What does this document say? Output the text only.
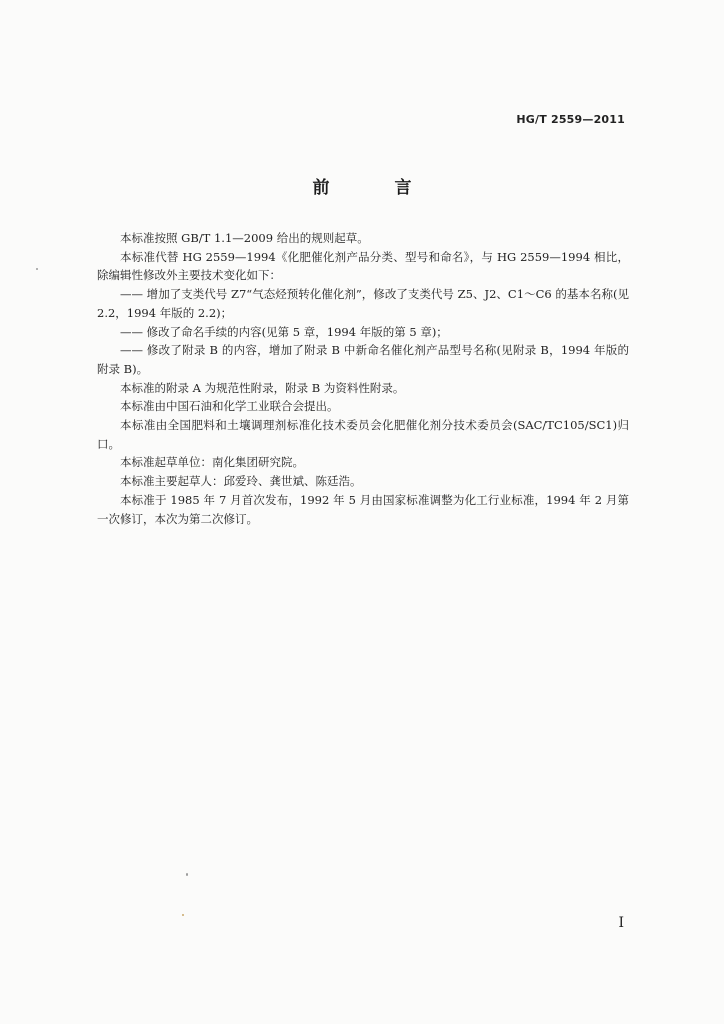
HG/T 2559—2011
前　言

本标准按照 GB/T 1.1—2009 给出的规则起草。

本标准代替 HG 2559—1994《化肥催化剂产品分类、型号和命名》，与 HG 2559—1994 相比，除编辑性修改外主要技术变化如下：

—— 增加了支类代号 Z7“气态烃预转化催化剂”，修改了支类代号 Z5、J2、C1～C6 的基本名称(见 2.2，1994 年版的 2.2)；

—— 修改了命名手续的内容(见第 5 章，1994 年版的第 5 章)；

—— 修改了附录 B 的内容，增加了附录 B 中新命名催化剂产品型号名称(见附录 B，1994 年版的附录 B)。

本标准的附录 A 为规范性附录，附录 B 为资料性附录。

本标准由中国石油和化学工业联合会提出。

本标准由全国肥料和土壤调理剂标准化技术委员会化肥催化剂分技术委员会(SAC/TC105/SC1)归口。

本标准起草单位：南化集团研究院。

本标准主要起草人：邱爱玲、龚世斌、陈廷浩。

本标准于 1985 年 7 月首次发布，1992 年 5 月由国家标准调整为化工行业标准，1994 年 2 月第一次修订，本次为第二次修订。

I
